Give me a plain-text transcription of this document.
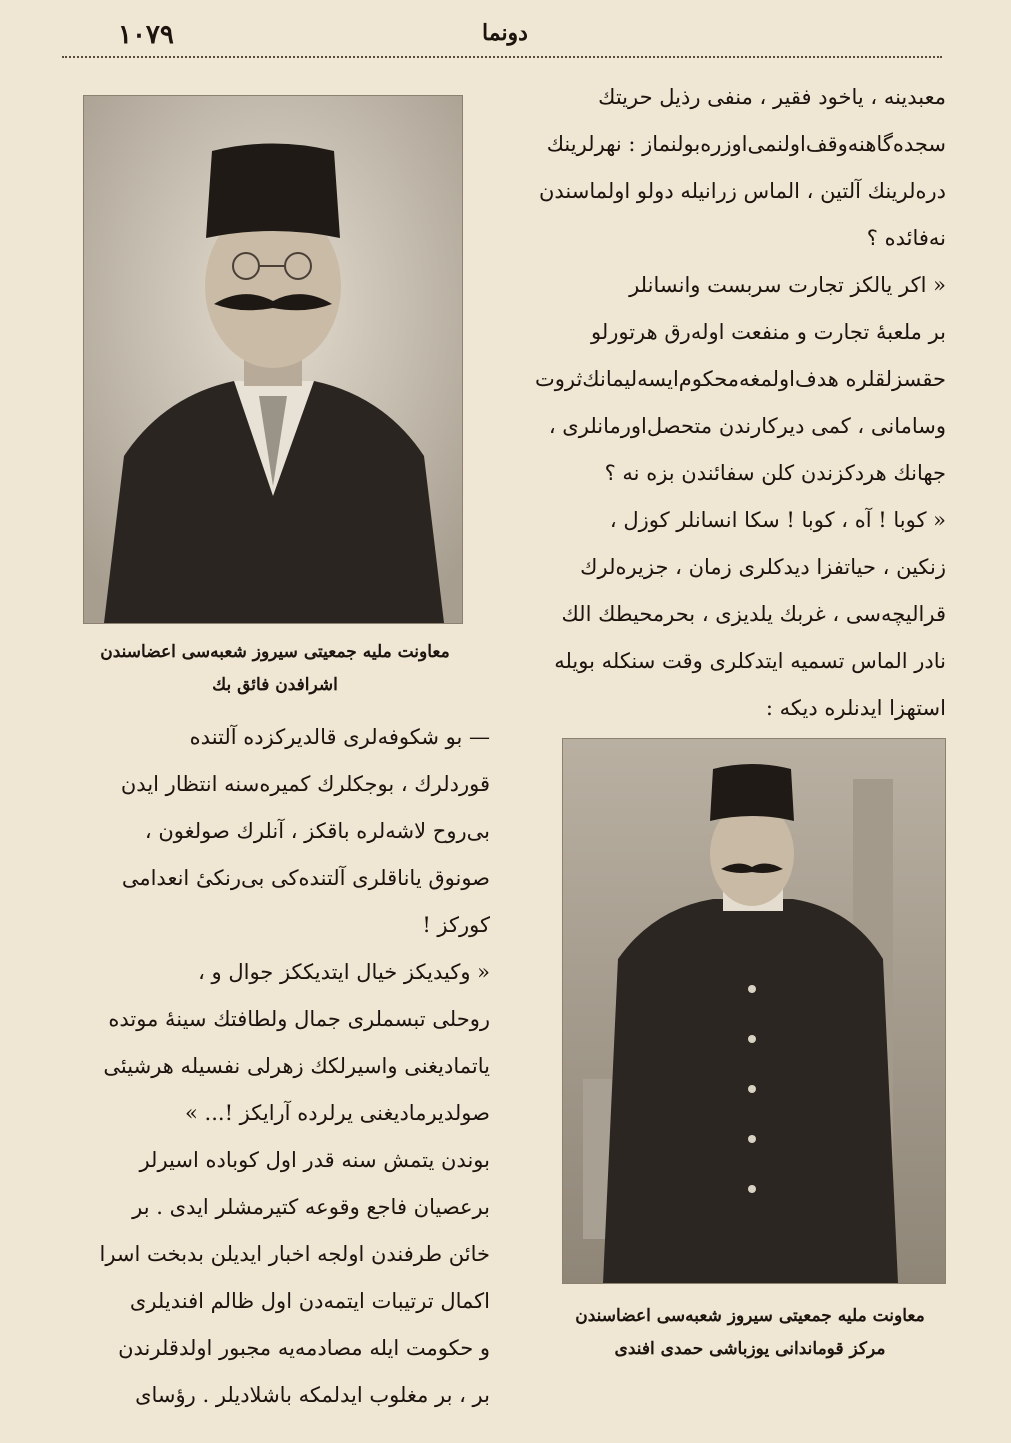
١٠٧٩	دونما
معبدینه ، یاخود فقیر ، منفی رذیل حریتك
سجده‌گاهنه‌وقف‌اولنمی‌اوزره‌بولنماز : نهرلرینك
دره‌لرینك آلتین ، الماس زرانیله دولو اولماسندن
نه‌فائده ؟
« اکر یالکز تجارت سربست وانسانلر
بر ملعبهٔ تجارت و منفعت اوله‌رق هرتورلو
حقسزلقلره هدف‌اولمغه‌محکوم‌ایسه‌لیمانك‌ثروت
وسامانی ، کمی دیرکارندن متحصل‌اورمانلری ،
جهانك هردکزندن کلن سفائندن بزه نه ؟
« کوبا ! آه ، کوبا ! سکا انسانلر کوزل ،
زنکین ، حیاتفزا دیدکلری زمان ، جزیره‌لرك
قرالیچه‌سی ، غربك یلدیزی ، بحرمحیطك الك
نادر الماس تسمیه ایتدکلری وقت سنکله بویله
استهزا ایدنلره دیکه :
معاونت مليه جمعيتی سیروز شعبه‌سی اعضاسندن
اشرافدن فائق بك
— بو شکوفه‌لری قالدیرکزده آلتنده
قوردلرك ، بوجکلرك کمیره‌سنه انتظار ایدن
بی‌روح لاشه‌لره باقکز ، آنلرك صولغون ،
صونوق یاناقلری آلتنده‌کی بی‌رنکیٔ انعدامی
کورکز !
« وکیدیکز خیال ایتدیککز جوال و ،
روحلی تبسملری جمال ولطافتك سینهٔ موتده
یاتمادیغنی واسیرلکك زهرلی نفسیله هرشیئی
صولدیرمادیغنی یرلرده آرایکز !... »
بوندن یتمش سنه قدر اول کوباده اسیرلر
برعصیان فاجع وقوعه کتیرمشلر ایدی . بر
خائن طرفندن اولجه اخبار ایدیلن بدبخت اسرا
اکمال ترتیبات ایتمه‌دن اول ظالم افندیلری
و حکومت ایله مصادمه‌یه مجبور اولدقلرندن
بر ، بر مغلوب ایدلمکه باشلادیلر . رؤسای
معاونت مليه جمعيتی سیروز شعبه‌سی اعضاسندن
مرکز قوماندانی یوزباشی حمدی افندی
